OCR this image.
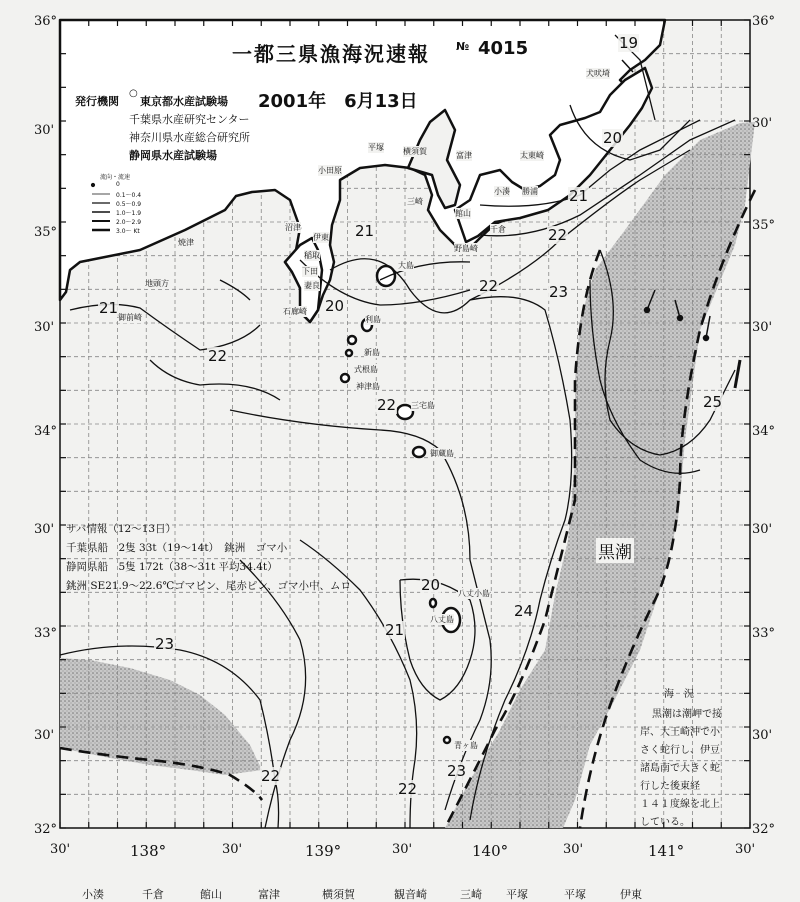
一都三県漁海況速報 № 4015
発行機関
○
東京都水産試験場
千葉県水産研究センター
神奈川県水産総合研究所
静岡県水産試験場
2001年　6月13日
流向・流速
0
0.1～0.4
0.5～0.9
1.0～1.9
2.0～2.9
3.0～ Kt
36°
30'
35°
30'
34°
30'
33°
30'
32°
36°
30'
35°
30'
34°
30'
33°
30'
32°
30'	138°	30'	139°	30'	140°	30'	141°	30'
19
20
21
22
21
22	23
21
22
20
22	25
20
21
24
23
23
22
22
犬吠埼
太東崎
勝浦
小湊
小田原
平塚 横須賀
三崎
富津
千倉
館山
野島崎
沼津
伊東
稲取
下田
妻良
石廊崎
焼津
御前崎
地頭方
大島
利島
新島
式根島
神津島
三宅島
御蔵島
八丈島
八丈小島
青ヶ島
サバ情報（12～13日）
千葉県船　2隻 33t（19～14t）　銚洲　ゴマ小
静岡県船　5隻 172t（38～31t 平均34.4t）
銚洲 SE21.9～22.6℃ゴマピン、尾赤ピン、ゴマ小中、ムロ
黒潮
海　況
黒潮は潮岬で接
岸、大王崎沖で小
さく蛇行し、伊豆
諸島南で大きく蛇
行した後東経
１４１度線を北上
している。
小湊	千倉	館山	富津	横須賀	観音崎	三崎 平塚	平塚	伊東
